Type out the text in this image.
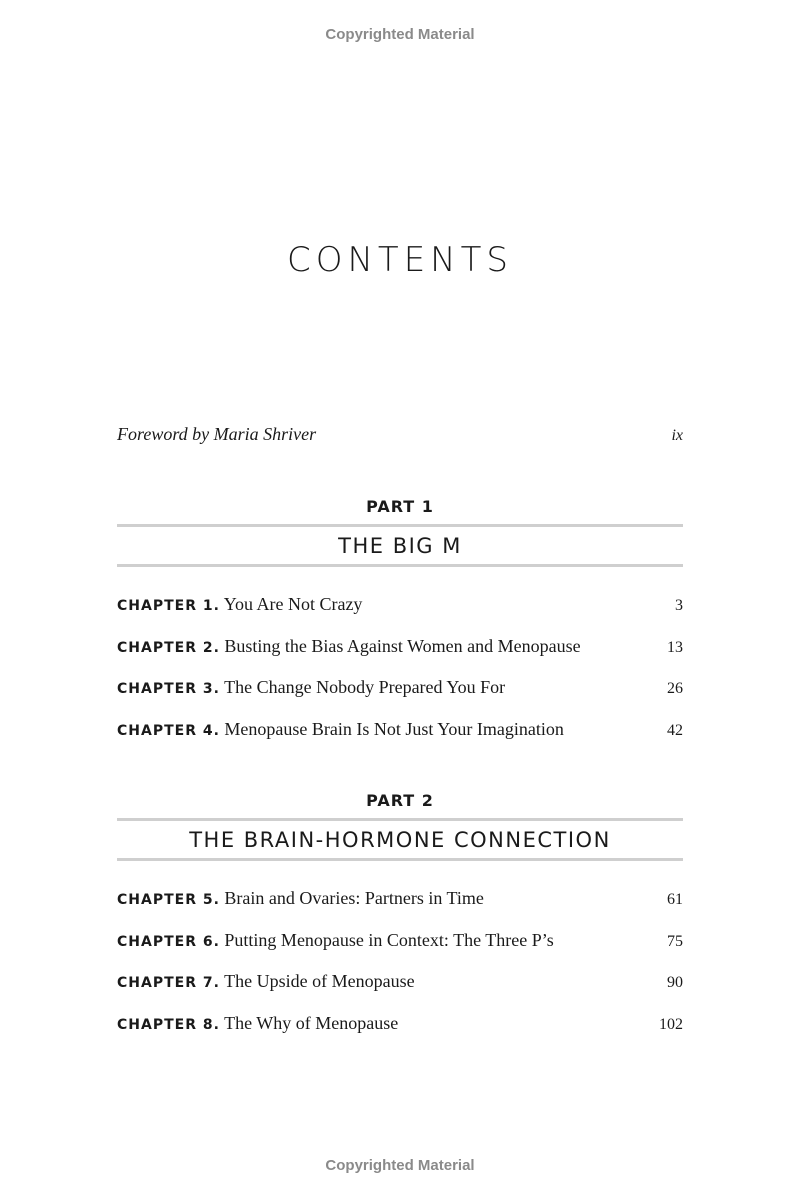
Copyrighted Material
CONTENTS
Foreword by Maria Shriver	ix
PART 1
THE BIG M
CHAPTER 1. You Are Not Crazy	3
CHAPTER 2. Busting the Bias Against Women and Menopause	13
CHAPTER 3. The Change Nobody Prepared You For	26
CHAPTER 4. Menopause Brain Is Not Just Your Imagination	42
PART 2
THE BRAIN-HORMONE CONNECTION
CHAPTER 5. Brain and Ovaries: Partners in Time	61
CHAPTER 6. Putting Menopause in Context: The Three P’s	75
CHAPTER 7. The Upside of Menopause	90
CHAPTER 8. The Why of Menopause	102
Copyrighted Material
